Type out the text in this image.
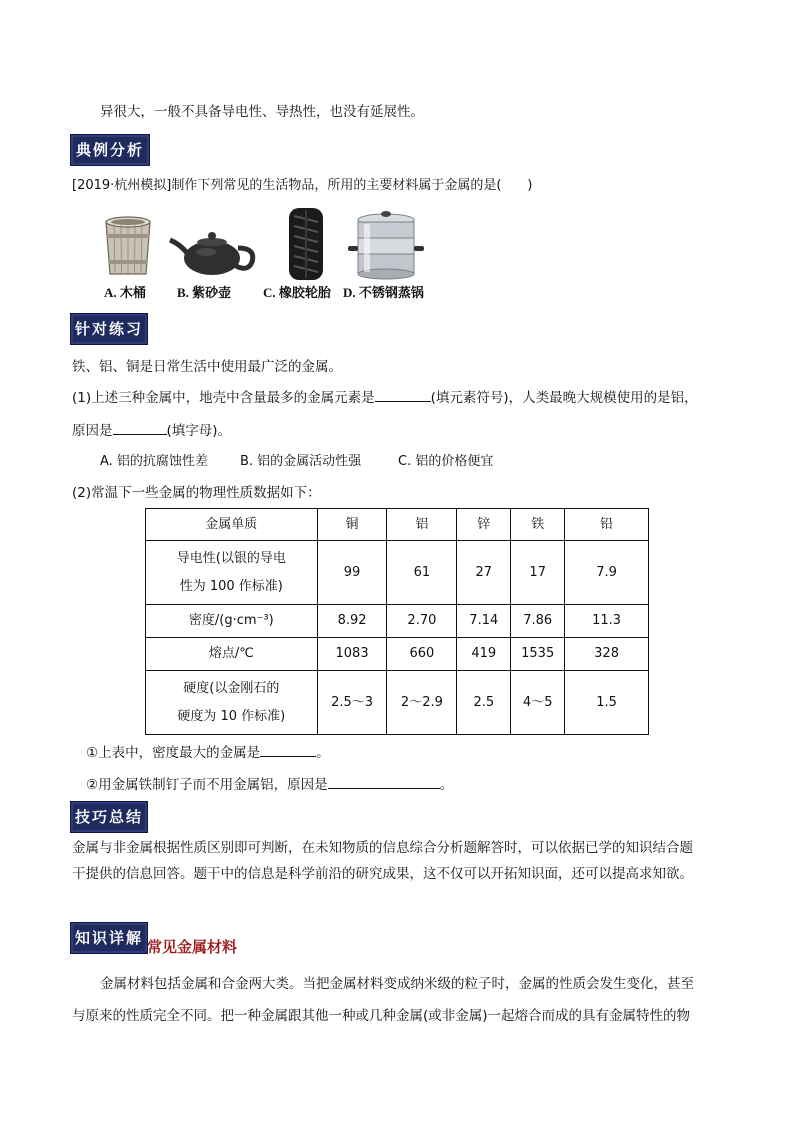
异很大，一般不具备导电性、导热性，也没有延展性。
典例分析
[2019·杭州模拟]制作下列常见的生活物品，所用的主要材料属于金属的是(　　)
A. 木桶 B. 紫砂壶 C. 橡胶轮胎 D. 不锈钢蒸锅
针对练习
铁、铝、铜是日常生活中使用最广泛的金属。
(1)上述三种金属中，地壳中含量最多的金属元素是	(填元素符号)，人类最晚大规模使用的是铝，
原因是	(填字母)。
A. 铝的抗腐蚀性差 B. 铝的金属活动性强	C. 铝的价格便宜
(2)常温下一些金属的物理性质数据如下：
金属单质	铜	铝	锌	铁	铅

导电性(以银的导电
性为 100 作标准)	99	61	27	17	7.9
密度/(g·cm⁻³)	8.92	2.70	7.14	7.86	11.3
熔点/℃	1083	660	419	1535	328

硬度(以金刚石的
硬度为 10 作标准)	2.5～3	2～2.9	2.5	4～5	1.5
①上表中，密度最大的金属是	。
②用金属铁制钉子而不用金属铝，原因是	。
技巧总结
金属与非金属根据性质区别即可判断，在未知物质的信息综合分析题解答时，可以依据已学的知识结合题
干提供的信息回答。题干中的信息是科学前沿的研究成果，这不仅可以开拓知识面，还可以提高求知欲。
知识详解 常见金属材料
金属材料包括金属和合金两大类。当把金属材料变成纳米级的粒子时，金属的性质会发生变化，甚至
与原来的性质完全不同。把一种金属跟其他一种或几种金属(或非金属)一起熔合而成的具有金属特性的物
